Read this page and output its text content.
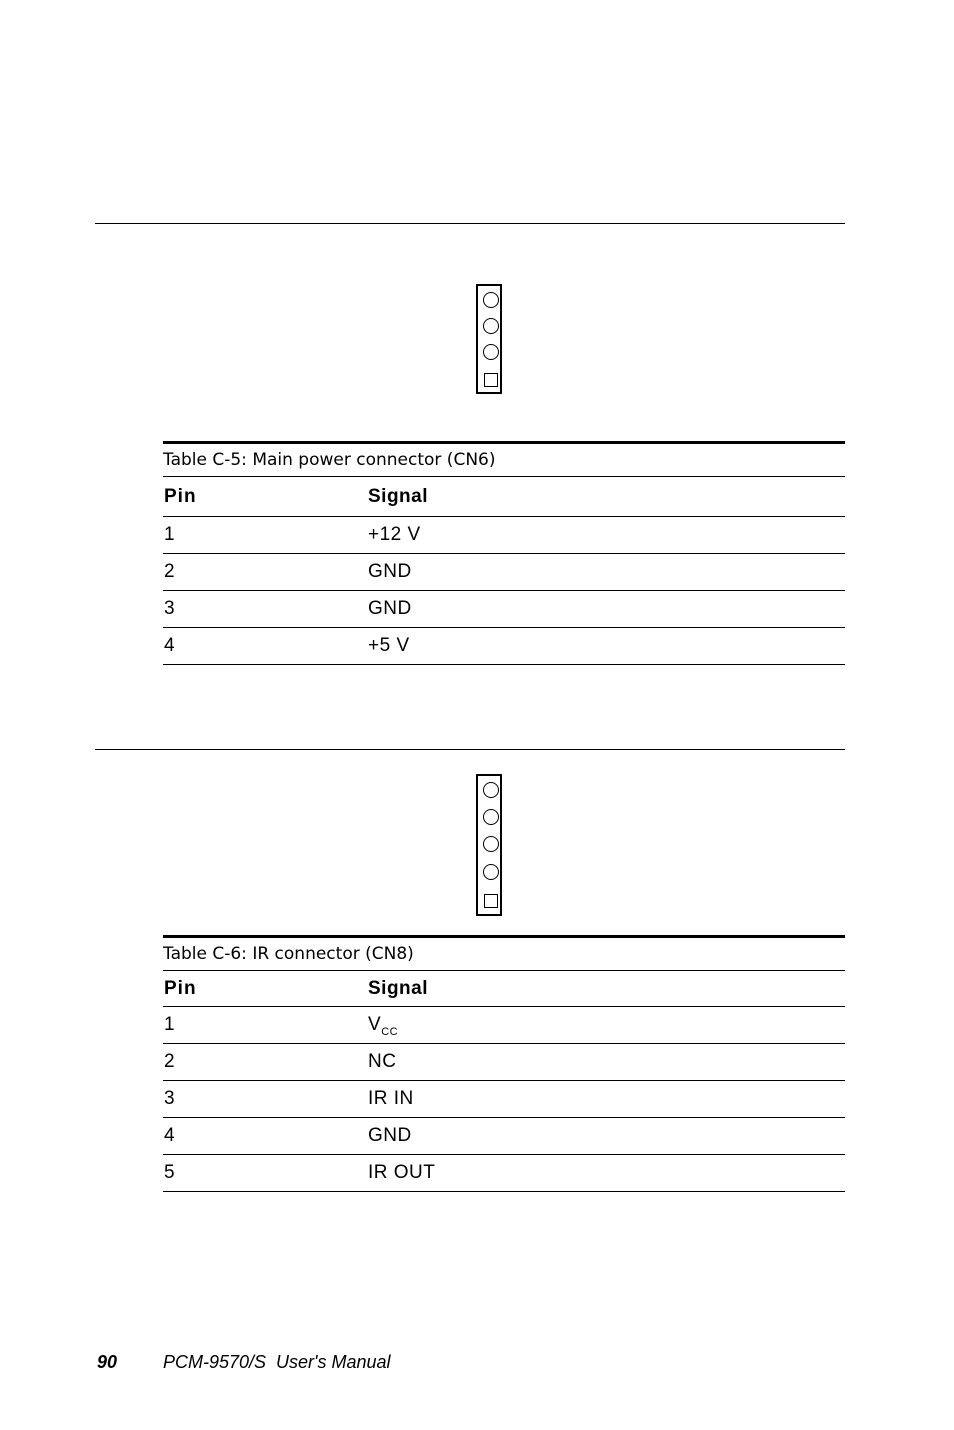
Table C-5: Main power connector (CN6)
Pin	Signal
1	+12 V
2	GND
3	GND
4	+5 V
Table C-6: IR connector (CN8)
Pin	Signal
1	$V_{CC}$
2	NC
3	IR IN
4	GND
5	IR OUT
90	PCM-9570/S  User's Manual
